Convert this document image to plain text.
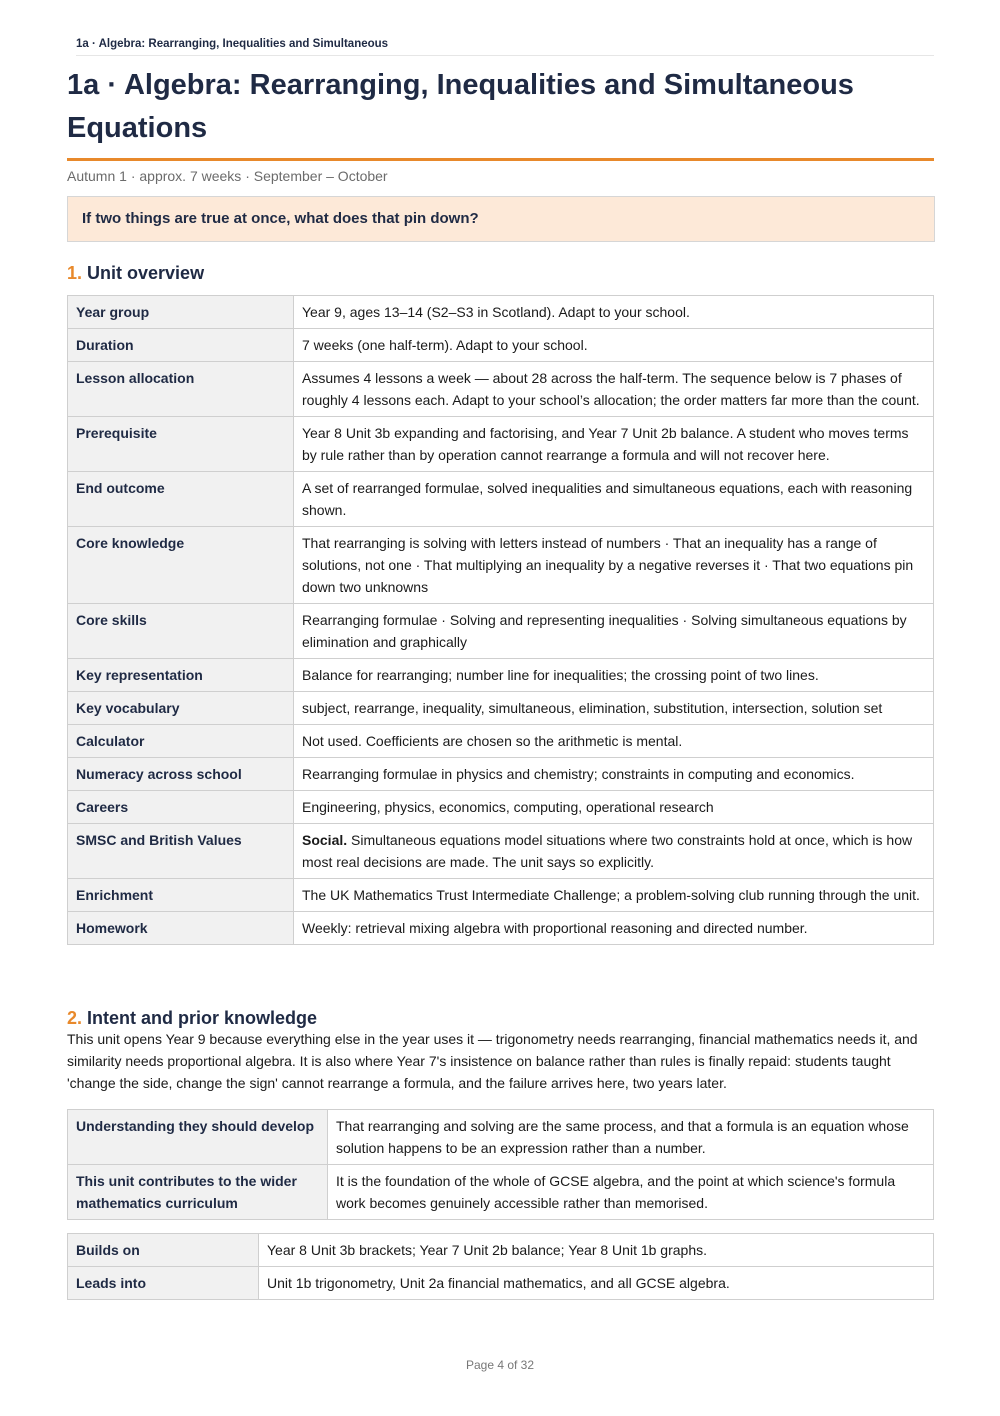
1a · Algebra: Rearranging, Inequalities and Simultaneous
1a · Algebra: Rearranging, Inequalities and Simultaneous Equations
Autumn 1 · approx. 7 weeks · September – October
If two things are true at once, what does that pin down?
1. Unit overview
Year group	Year 9, ages 13–14 (S2–S3 in Scotland). Adapt to your school.
Duration	7 weeks (one half-term). Adapt to your school.
Lesson allocation	Assumes 4 lessons a week — about 28 across the half-term. The sequence below is 7 phases of roughly 4 lessons each. Adapt to your school’s allocation; the order matters far more than the count.
Prerequisite	Year 8 Unit 3b expanding and factorising, and Year 7 Unit 2b balance. A student who moves terms by rule rather than by operation cannot rearrange a formula and will not recover here.
End outcome	A set of rearranged formulae, solved inequalities and simultaneous equations, each with reasoning shown.
Core knowledge	That rearranging is solving with letters instead of numbers · That an inequality has a range of solutions, not one · That multiplying an inequality by a negative reverses it · That two equations pin down two unknowns
Core skills	Rearranging formulae · Solving and representing inequalities · Solving simultaneous equations by elimination and graphically
Key representation	Balance for rearranging; number line for inequalities; the crossing point of two lines.
Key vocabulary	subject, rearrange, inequality, simultaneous, elimination, substitution, intersection, solution set
Calculator	Not used. Coefficients are chosen so the arithmetic is mental.
Numeracy across school	Rearranging formulae in physics and chemistry; constraints in computing and economics.
Careers	Engineering, physics, economics, computing, operational research
SMSC and British Values	Social. Simultaneous equations model situations where two constraints hold at once, which is how most real decisions are made. The unit says so explicitly.
Enrichment	The UK Mathematics Trust Intermediate Challenge; a problem-solving club running through the unit.
Homework	Weekly: retrieval mixing algebra with proportional reasoning and directed number.
2. Intent and prior knowledge

This unit opens Year 9 because everything else in the year uses it — trigonometry needs rearranging, financial mathematics needs it, and similarity needs proportional algebra. It is also where Year 7's insistence on balance rather than rules is finally repaid: students taught 'change the side, change the sign' cannot rearrange a formula, and the failure arrives here, two years later.

Understanding they should develop	That rearranging and solving are the same process, and that a formula is an equation whose solution happens to be an expression rather than a number.
This unit contributes to the wider mathematics curriculum	It is the foundation of the whole of GCSE algebra, and the point at which science's formula work becomes genuinely accessible rather than memorised.
Builds on	Year 8 Unit 3b brackets; Year 7 Unit 2b balance; Year 8 Unit 1b graphs.
Leads into	Unit 1b trigonometry, Unit 2a financial mathematics, and all GCSE algebra.
Page 4 of 32
